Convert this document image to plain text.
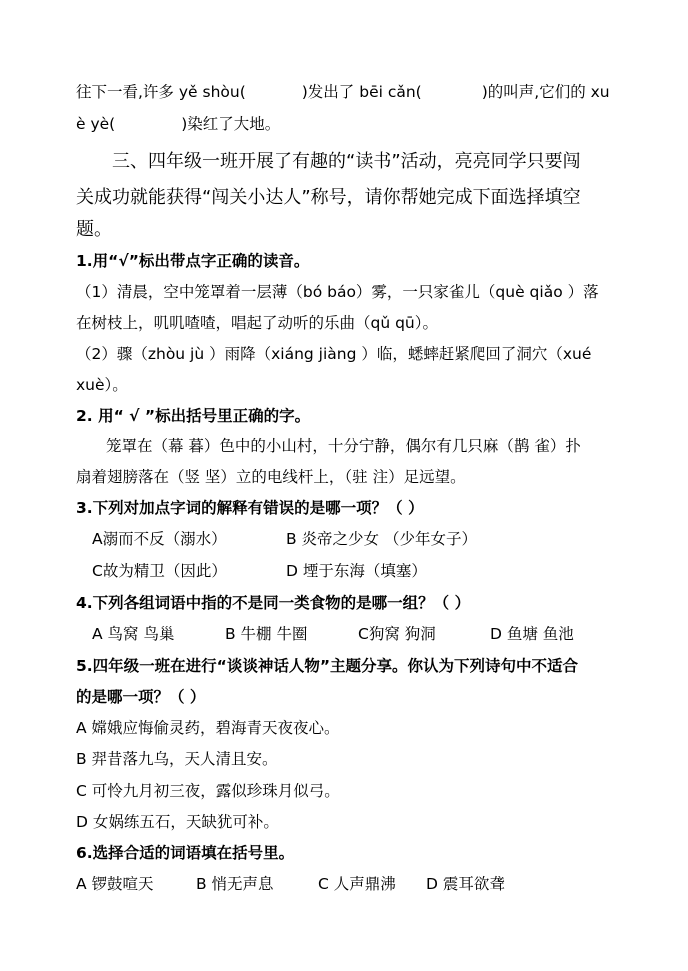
往下一看,许多 yě shòu(	)发出了 bēi cǎn(	)的叫声,它们的 xu
è yè(	)染红了大地。
三、四年级一班开展了有趣的“读书”活动，亮亮同学只要闯
关成功就能获得“闯关小达人”称号，请你帮她完成下面选择填空
题。
1.用“√”标出带点字正确的读音。
（1）清晨，空中笼罩着一层薄（bó báo）雾，一只家雀儿（què qiǎo ）落
在树枝上，叽叽喳喳，唱起了动听的乐曲（qǔ qū）。
（2）骤（zhòu jù ）雨降（xiáng jiàng ）临，蟋蟀赶紧爬回了洞穴（xué
xuè）。
2. 用“ √ ”标出括号里正确的字。
笼罩在（幕 暮）色中的小山村，十分宁静，偶尔有几只麻（鹊 雀）扑
扇着翅膀落在（竖 坚）立的电线杆上，（驻 注）足远望。
3.下列对加点字词的解释有错误的是哪一项？（ ）
A溺而不反（溺水）	B 炎帝之少女 （少年女子）
C故为精卫（因此）	D 堙于东海（填塞）
4.下列各组词语中指的不是同一类食物的是哪一组？（ ）
A 鸟窝 鸟巢	B 牛棚 牛圈	C狗窝 狗洞	D 鱼塘 鱼池
5.四年级一班在进行“谈谈神话人物”主题分享。你认为下列诗句中不适合
的是哪一项？（ ）
A 嫦娥应悔偷灵药，碧海青天夜夜心。
B 羿昔落九乌，天人清且安。
C 可怜九月初三夜，露似珍珠月似弓。
D 女娲练五石，天缺犹可补。
6.选择合适的词语填在括号里。
A 锣鼓喧天	B 悄无声息	C 人声鼎沸 D 震耳欲聋
